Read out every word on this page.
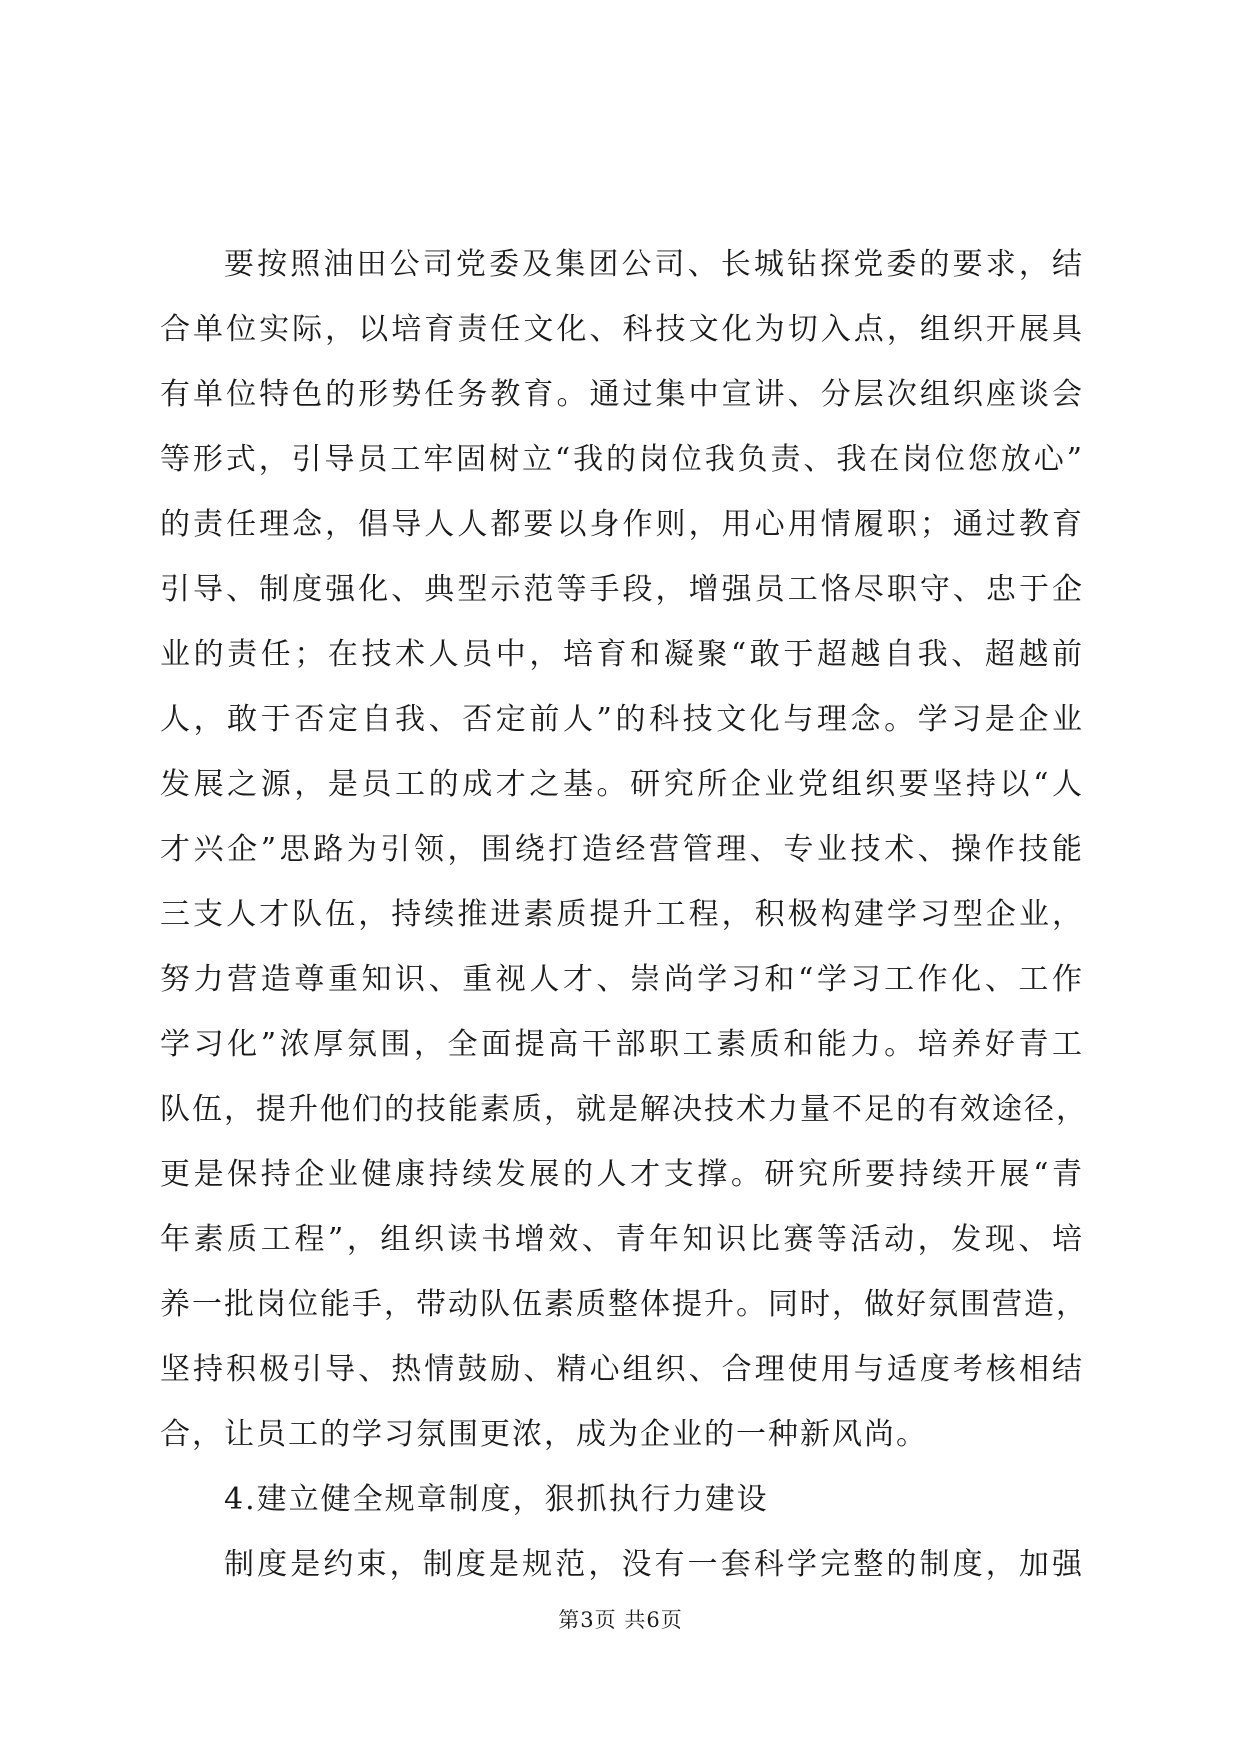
要按照油田公司党委及集团公司、长城钻探党委的要求，结
合单位实际，以培育责任文化、科技文化为切入点，组织开展具
有单位特色的形势任务教育。通过集中宣讲、分层次组织座谈会
等形式，引导员工牢固树立“我的岗位我负责、我在岗位您放心”
的责任理念，倡导人人都要以身作则，用心用情履职；通过教育
引导、制度强化、典型示范等手段，增强员工恪尽职守、忠于企
业的责任；在技术人员中，培育和凝聚“敢于超越自我、超越前
人，敢于否定自我、否定前人”的科技文化与理念。学习是企业
发展之源，是员工的成才之基。研究所企业党组织要坚持以“人
才兴企”思路为引领，围绕打造经营管理、专业技术、操作技能
三支人才队伍，持续推进素质提升工程，积极构建学习型企业，
努力营造尊重知识、重视人才、崇尚学习和“学习工作化、工作
学习化”浓厚氛围，全面提高干部职工素质和能力。培养好青工
队伍，提升他们的技能素质，就是解决技术力量不足的有效途径，
更是保持企业健康持续发展的人才支撑。研究所要持续开展“青
年素质工程”，组织读书增效、青年知识比赛等活动，发现、培
养一批岗位能手，带动队伍素质整体提升。同时，做好氛围营造，
坚持积极引导、热情鼓励、精心组织、合理使用与适度考核相结
合，让员工的学习氛围更浓，成为企业的一种新风尚。
4.建立健全规章制度，狠抓执行力建设
制度是约束，制度是规范，没有一套科学完整的制度，加强
第3页 共6页
